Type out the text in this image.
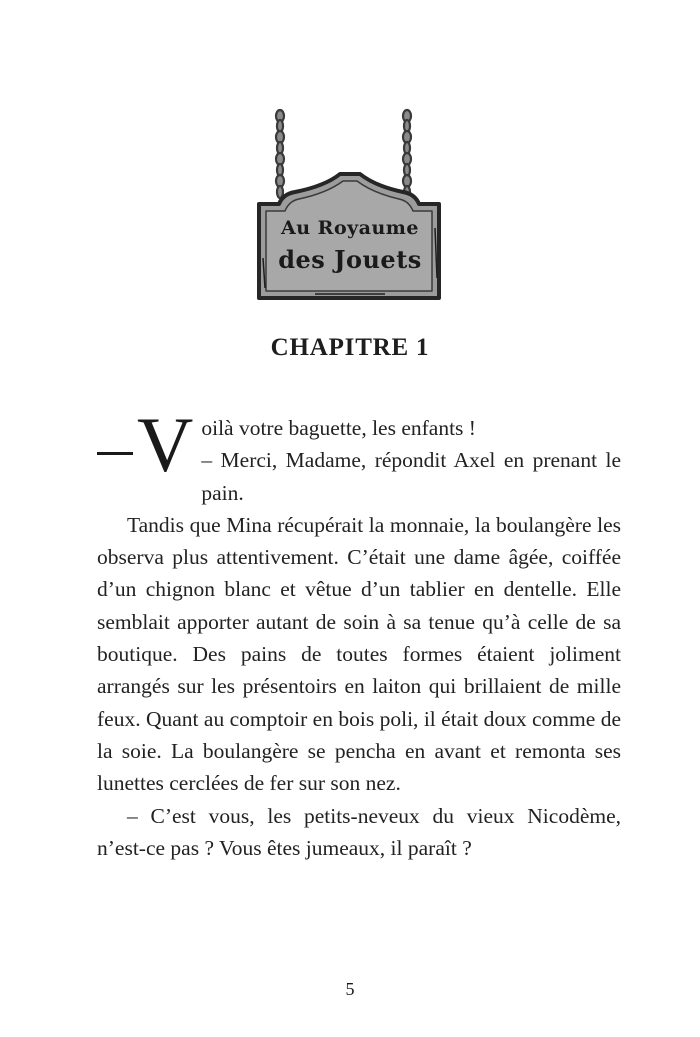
Au Royaume
des Jouets
CHAPITRE 1

V oilà votre baguette, les enfants !
– Merci, Madame, répondit Axel en prenant le pain.

Tandis que Mina récupérait la monnaie, la boulangère les observa plus attentivement. C’était une dame âgée, coiffée d’un chignon blanc et vêtue d’un tablier en dentelle. Elle semblait apporter autant de soin à sa tenue qu’à celle de sa boutique. Des pains de toutes formes étaient joliment arrangés sur les présentoirs en laiton qui brillaient de mille feux. Quant au comptoir en bois poli, il était doux comme de la soie. La boulangère se pencha en avant et remonta ses lunettes cerclées de fer sur son nez.

– C’est vous, les petits-neveux du vieux Nicodème, n’est-ce pas ? Vous êtes jumeaux, il paraît ?

5
